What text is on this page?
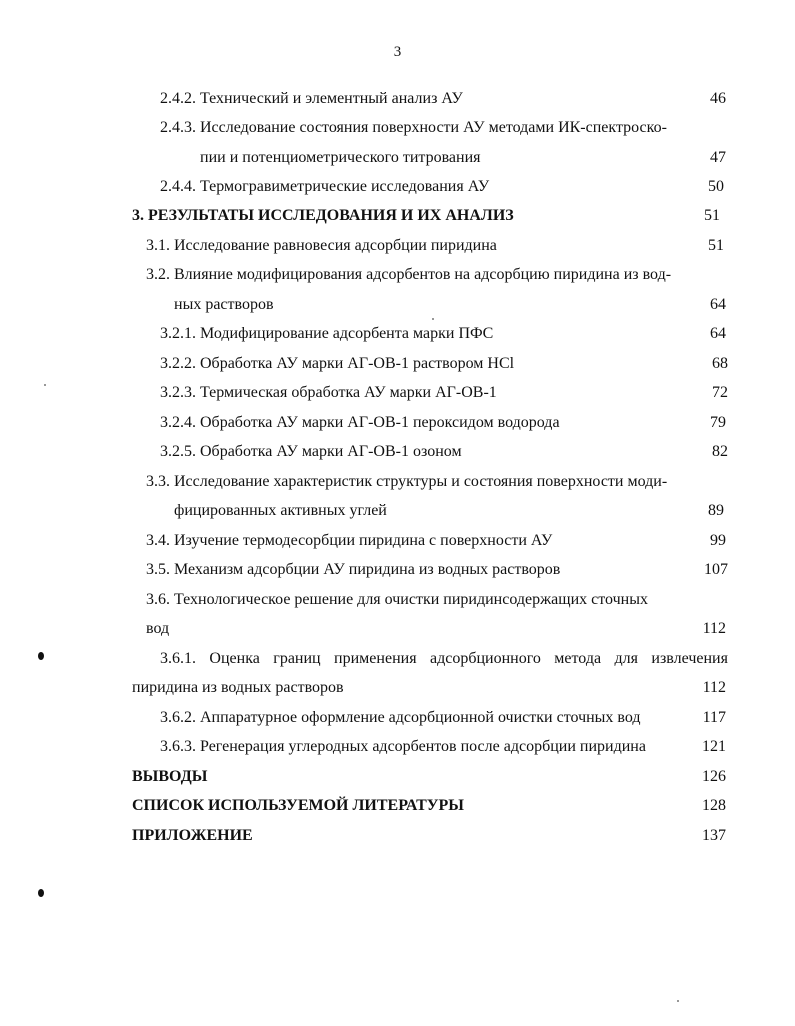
3
2.4.2. Технический и элементный анализ АУ	46
2.4.3. Исследование состояния поверхности АУ методами ИК-спектроско-
пии и потенциометрического титрования	47
2.4.4. Термогравиметрические исследования АУ	50
3. РЕЗУЛЬТАТЫ ИССЛЕДОВАНИЯ И ИХ АНАЛИЗ	51
3.1. Исследование равновесия адсорбции пиридина	51
3.2. Влияние модифицирования адсорбентов на адсорбцию пиридина из вод-
ных растворов	64
3.2.1. Модифицирование адсорбента марки ПФС	64
3.2.2. Обработка АУ марки АГ-ОВ-1 раствором HCl	68
3.2.3. Термическая обработка АУ марки АГ-ОВ-1	72
3.2.4. Обработка АУ марки АГ-ОВ-1 пероксидом водорода	79
3.2.5. Обработка АУ марки АГ-ОВ-1 озоном	82
3.3. Исследование характеристик структуры и состояния поверхности моди-
фицированных активных углей	89
3.4. Изучение термодесорбции пиридина с поверхности АУ	99
3.5. Механизм адсорбции АУ пиридина из водных растворов	107
3.6. Технологическое решение для очистки пиридинсодержащих сточных
вод	112
3.6.1. Оценка границ применения адсорбционного метода для извлечения
пиридина из водных растворов	112
3.6.2. Аппаратурное оформление адсорбционной очистки сточных вод	117
3.6.3. Регенерация углеродных адсорбентов после адсорбции пиридина	121
ВЫВОДЫ	126
СПИСОК ИСПОЛЬЗУЕМОЙ ЛИТЕРАТУРЫ	128
ПРИЛОЖЕНИЕ	137
